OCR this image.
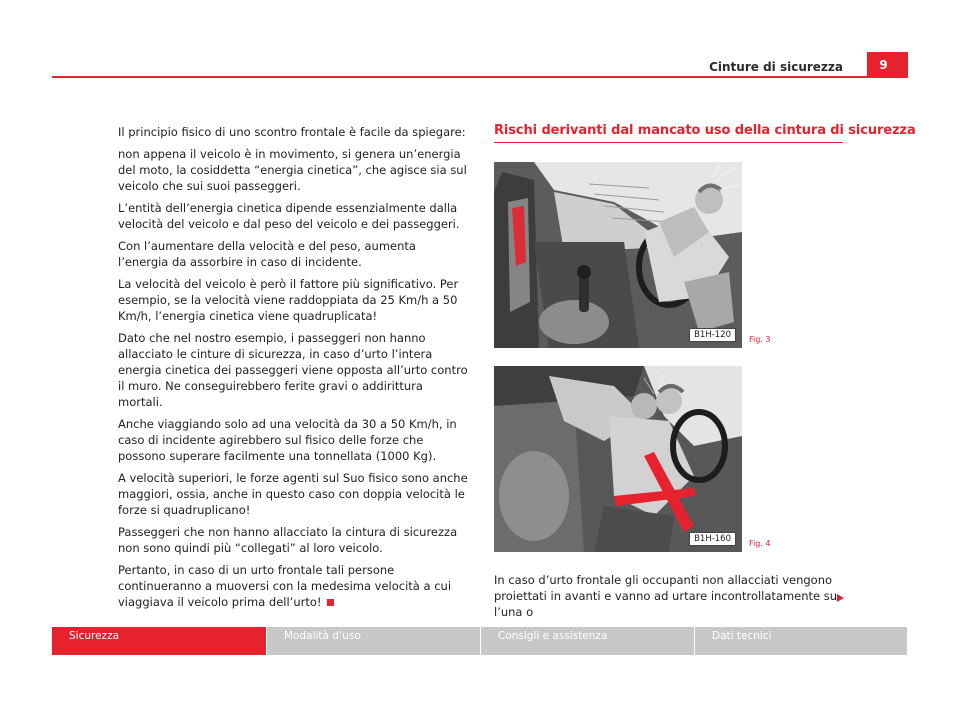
Cinture di sicurezza	9

Il principio fisico di uno scontro frontale è facile da spiegare:

non appena il veicolo è in movimento, si genera un’energia del moto, la cosiddetta “energia cinetica”, che agisce sia sul veicolo che sui suoi passeggeri.

L’entità dell’energia cinetica dipende essenzialmente dalla velocità del veicolo e dal peso del veicolo e dei passeggeri.

Con l’aumentare della velocità e del peso, aumenta l’energia da assorbire in caso di incidente.

La velocità del veicolo è però il fattore più significativo. Per esempio, se la velocità viene raddoppiata da 25 Km/h a 50 Km/h, l’energia cinetica viene quadruplicata!

Dato che nel nostro esempio, i passeggeri non hanno allacciato le cinture di sicurezza, in caso d’urto l’intera energia cinetica dei passeggeri viene opposta all’urto contro il muro. Ne conseguirebbero ferite gravi o addirittura mortali.

Anche viaggiando solo ad una velocità da 30 a 50 Km/h, in caso di incidente agirebbero sul fisico delle forze che possono superare facilmente una tonnellata (1000 Kg).

A velocità superiori, le forze agenti sul Suo fisico sono anche maggiori, ossia, anche in questo caso con doppia velocità le forze si quadruplicano!

Passeggeri che non hanno allacciato la cintura di sicurezza non sono quindi più “collegati” al loro veicolo.

Pertanto, in caso di un urto frontale tali persone continueranno a muoversi con la medesima velocità a cui viaggiava il veicolo prima dell’urto!

Rischi derivanti dal mancato uso della cintura di sicurezza
B1H-120	Fig. 3
B1H-160	Fig. 4
In caso d’urto frontale gli occupanti non allacciati vengono proiettati in avanti e vanno ad urtare incontrollatamente su l’una o
Sicurezza	Modalità d’uso	Consigli e assistenza	Dati tecnici
